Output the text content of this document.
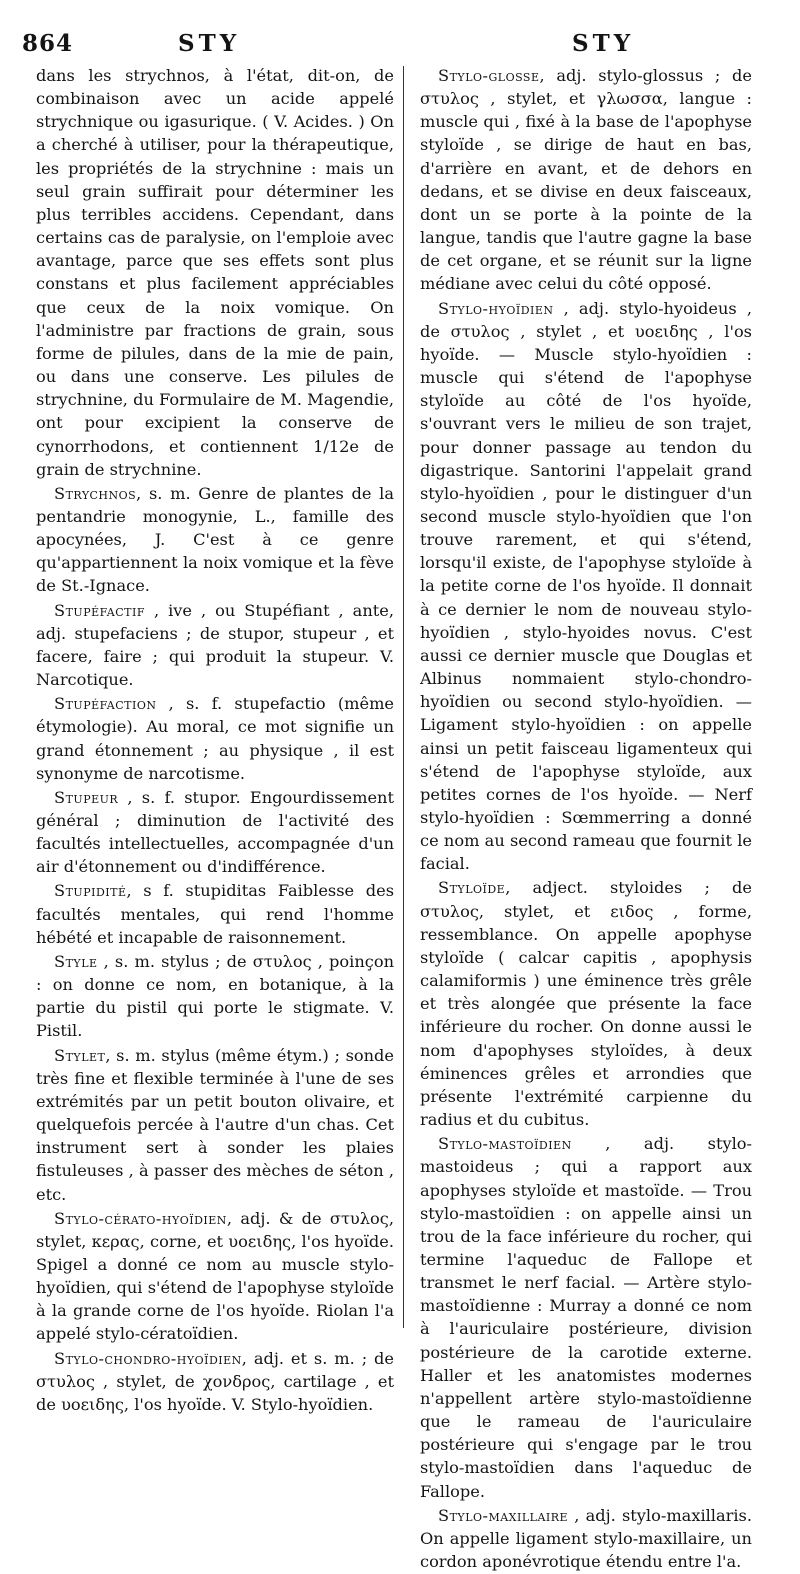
864	STY	STY

dans les strychnos, à l'état, dit-on, de combinaison avec un acide appelé strychnique ou igasurique. ( V. Acides. ) On a cherché à utiliser, pour la thérapeutique, les propriétés de la strychnine : mais un seul grain suffirait pour déterminer les plus terribles accidens. Cependant, dans certains cas de paralysie, on l'emploie avec avantage, parce que ses effets sont plus constans et plus facilement appréciables que ceux de la noix vomique. On l'administre par fractions de grain, sous forme de pilules, dans de la mie de pain, ou dans une conserve. Les pilules de strychnine, du Formulaire de M. Magendie, ont pour excipient la conserve de cynorrhodons, et contiennent 1/12e de grain de strychnine.

Strychnos, s. m. Genre de plantes de la pentandrie monogynie, L., famille des apocynées, J. C'est à ce genre qu'appartiennent la noix vomique et la fève de St.-Ignace.

Stupéfactif , ive , ou Stupéfiant , ante, adj. stupefaciens ; de stupor, stupeur , et facere, faire ; qui produit la stupeur. V. Narcotique.

Stupéfaction , s. f. stupefactio (même étymologie). Au moral, ce mot signifie un grand étonnement ; au physique , il est synonyme de narcotisme.

Stupeur , s. f. stupor. Engourdissement général ; diminution de l'activité des facultés intellectuelles, accompagnée d'un air d'étonnement ou d'indifférence.

Stupidité, s f. stupiditas Faiblesse des facultés mentales, qui rend l'homme hébété et incapable de raisonnement.

Style , s. m. stylus ; de στυλος , poinçon : on donne ce nom, en botanique, à la partie du pistil qui porte le stigmate. V. Pistil.

Stylet, s. m. stylus (même étym.) ; sonde très fine et flexible terminée à l'une de ses extrémités par un petit bouton olivaire, et quelquefois percée à l'autre d'un chas. Cet instrument sert à sonder les plaies fistuleuses , à passer des mèches de séton , etc.

Stylo-cérato-hyoïdien, adj. & de στυλος, stylet, κερας, corne, et υοειδης, l'os hyoïde. Spigel a donné ce nom au muscle stylo-hyoïdien, qui s'étend de l'apophyse styloïde à la grande corne de l'os hyoïde. Riolan l'a appelé stylo-cératoïdien.

Stylo-chondro-hyoïdien, adj. et s. m. ; de στυλος , stylet, de χονδρος, cartilage , et de υοειδης, l'os hyoïde. V. Stylo-hyoïdien.

Stylo-glosse, adj. stylo-glossus ; de στυλος , stylet, et γλωσσα, langue : muscle qui , fixé à la base de l'apophyse styloïde , se dirige de haut en bas, d'arrière en avant, et de dehors en dedans, et se divise en deux faisceaux, dont un se porte à la pointe de la langue, tandis que l'autre gagne la base de cet organe, et se réunit sur la ligne médiane avec celui du côté opposé.

Stylo-hyoïdien , adj. stylo-hyoideus , de στυλος , stylet , et υοειδης , l'os hyoïde. — Muscle stylo-hyoïdien : muscle qui s'étend de l'apophyse styloïde au côté de l'os hyoïde, s'ouvrant vers le milieu de son trajet, pour donner passage au tendon du digastrique. Santorini l'appelait grand stylo-hyoïdien , pour le distinguer d'un second muscle stylo-hyoïdien que l'on trouve rarement, et qui s'étend, lorsqu'il existe, de l'apophyse styloïde à la petite corne de l'os hyoïde. Il donnait à ce dernier le nom de nouveau stylo-hyoïdien , stylo-hyoides novus. C'est aussi ce dernier muscle que Douglas et Albinus nommaient stylo-chondro-hyoïdien ou second stylo-hyoïdien. — Ligament stylo-hyoïdien : on appelle ainsi un petit faisceau ligamenteux qui s'étend de l'apophyse styloïde, aux petites cornes de l'os hyoïde. — Nerf stylo-hyoïdien : Sœmmerring a donné ce nom au second rameau que fournit le facial.

Styloïde, adject. styloides ; de στυλος, stylet, et ειδος , forme, ressemblance. On appelle apophyse styloïde ( calcar capitis , apophysis calamiformis ) une éminence très grêle et très alongée que présente la face inférieure du rocher. On donne aussi le nom d'apophyses styloïdes, à deux éminences grêles et arrondies que présente l'extrémité carpienne du radius et du cubitus.

Stylo-mastoïdien , adj. stylo-mastoideus ; qui a rapport aux apophyses styloïde et mastoïde. — Trou stylo-mastoïdien : on appelle ainsi un trou de la face inférieure du rocher, qui termine l'aqueduc de Fallope et transmet le nerf facial. — Artère stylo-mastoïdienne : Murray a donné ce nom à l'auriculaire postérieure, division postérieure de la carotide externe. Haller et les anatomistes modernes n'appellent artère stylo-mastoïdienne que le rameau de l'auriculaire postérieure qui s'engage par le trou stylo-mastoïdien dans l'aqueduc de Fallope.

Stylo-maxillaire , adj. stylo-maxillaris. On appelle ligament stylo-maxillaire, un cordon aponévrotique étendu entre l'a.
